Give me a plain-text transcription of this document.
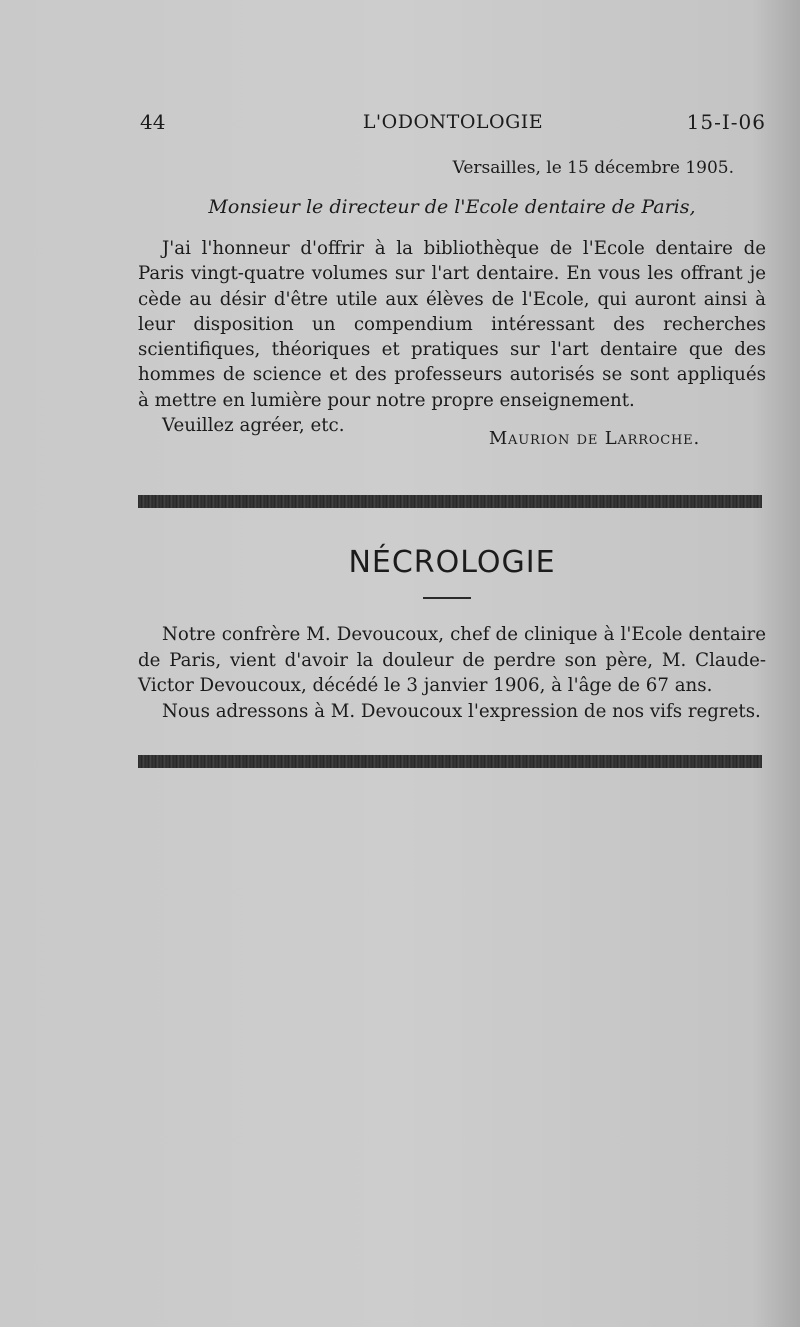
44	L'ODONTOLOGIE	15-I-06
Versailles, le 15 décembre 1905.
Monsieur le directeur de l'Ecole dentaire de Paris,

J'ai l'honneur d'offrir à la bibliothèque de l'Ecole dentaire de Paris vingt-quatre volumes sur l'art dentaire. En vous les offrant je cède au désir d'être utile aux élèves de l'Ecole, qui auront ainsi à leur disposition un compendium intéressant des recherches scientifiques, théoriques et pratiques sur l'art dentaire que des hommes de science et des professeurs autorisés se sont appliqués à mettre en lumière pour notre propre enseignement.

Veuillez agréer, etc.

Maurion de Larroche.
NÉCROLOGIE

Notre confrère M. Devoucoux, chef de clinique à l'Ecole dentaire de Paris, vient d'avoir la douleur de perdre son père, M. Claude-Victor Devoucoux, décédé le 3 janvier 1906, à l'âge de 67 ans.

Nous adressons à M. Devoucoux l'expression de nos vifs regrets.
